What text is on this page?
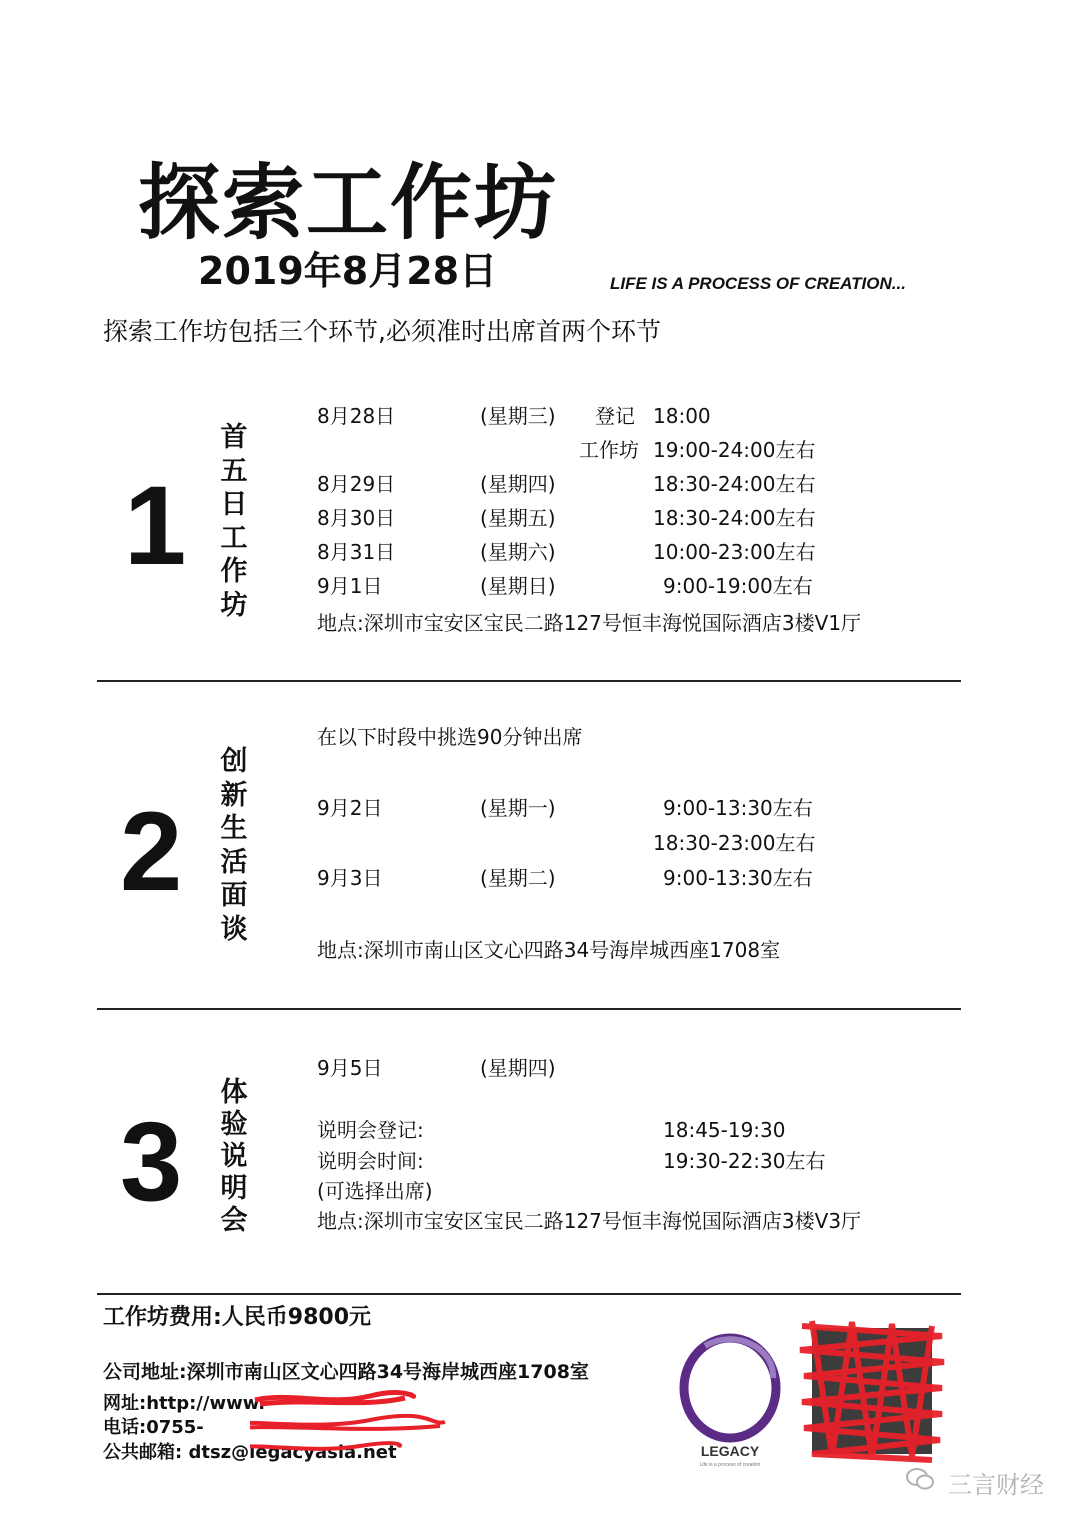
探索工作坊
2019年8月28日	LIFE IS A PROCESS OF CREATION...
探索工作坊包括三个环节,必须准时出席首两个环节
1
首五日工作坊
8月28日	(星期三) 登记 18:00
工作坊 19:00-24:00左右
8月29日	(星期四)	18:30-24:00左右
8月30日	(星期五)	18:30-24:00左右
8月31日	(星期六)	10:00-23:00左右
9月1日	(星期日)	9:00-19:00左右
地点:深圳市宝安区宝民二路127号恒丰海悦国际酒店3楼V1厅
2
创新生活面谈
在以下时段中挑选90分钟出席
9月2日	(星期一)	9:00-13:30左右
18:30-23:00左右
9月3日	(星期二)	9:00-13:30左右
地点:深圳市南山区文心四路34号海岸城西座1708室
3
体验说明会
9月5日	(星期四)
说明会登记:	18:45-19:30
说明会时间:	19:30-22:30左右
(可选择出席)
地点:深圳市宝安区宝民二路127号恒丰海悦国际酒店3楼V3厅
工作坊费用:人民币9800元
公司地址:深圳市南山区文心四路34号海岸城西座1708室
网址:http://www.
电话:0755-
公共邮箱: dtsz@legacyasia.net	LEGACY
Life is a process of creation
三言财经
